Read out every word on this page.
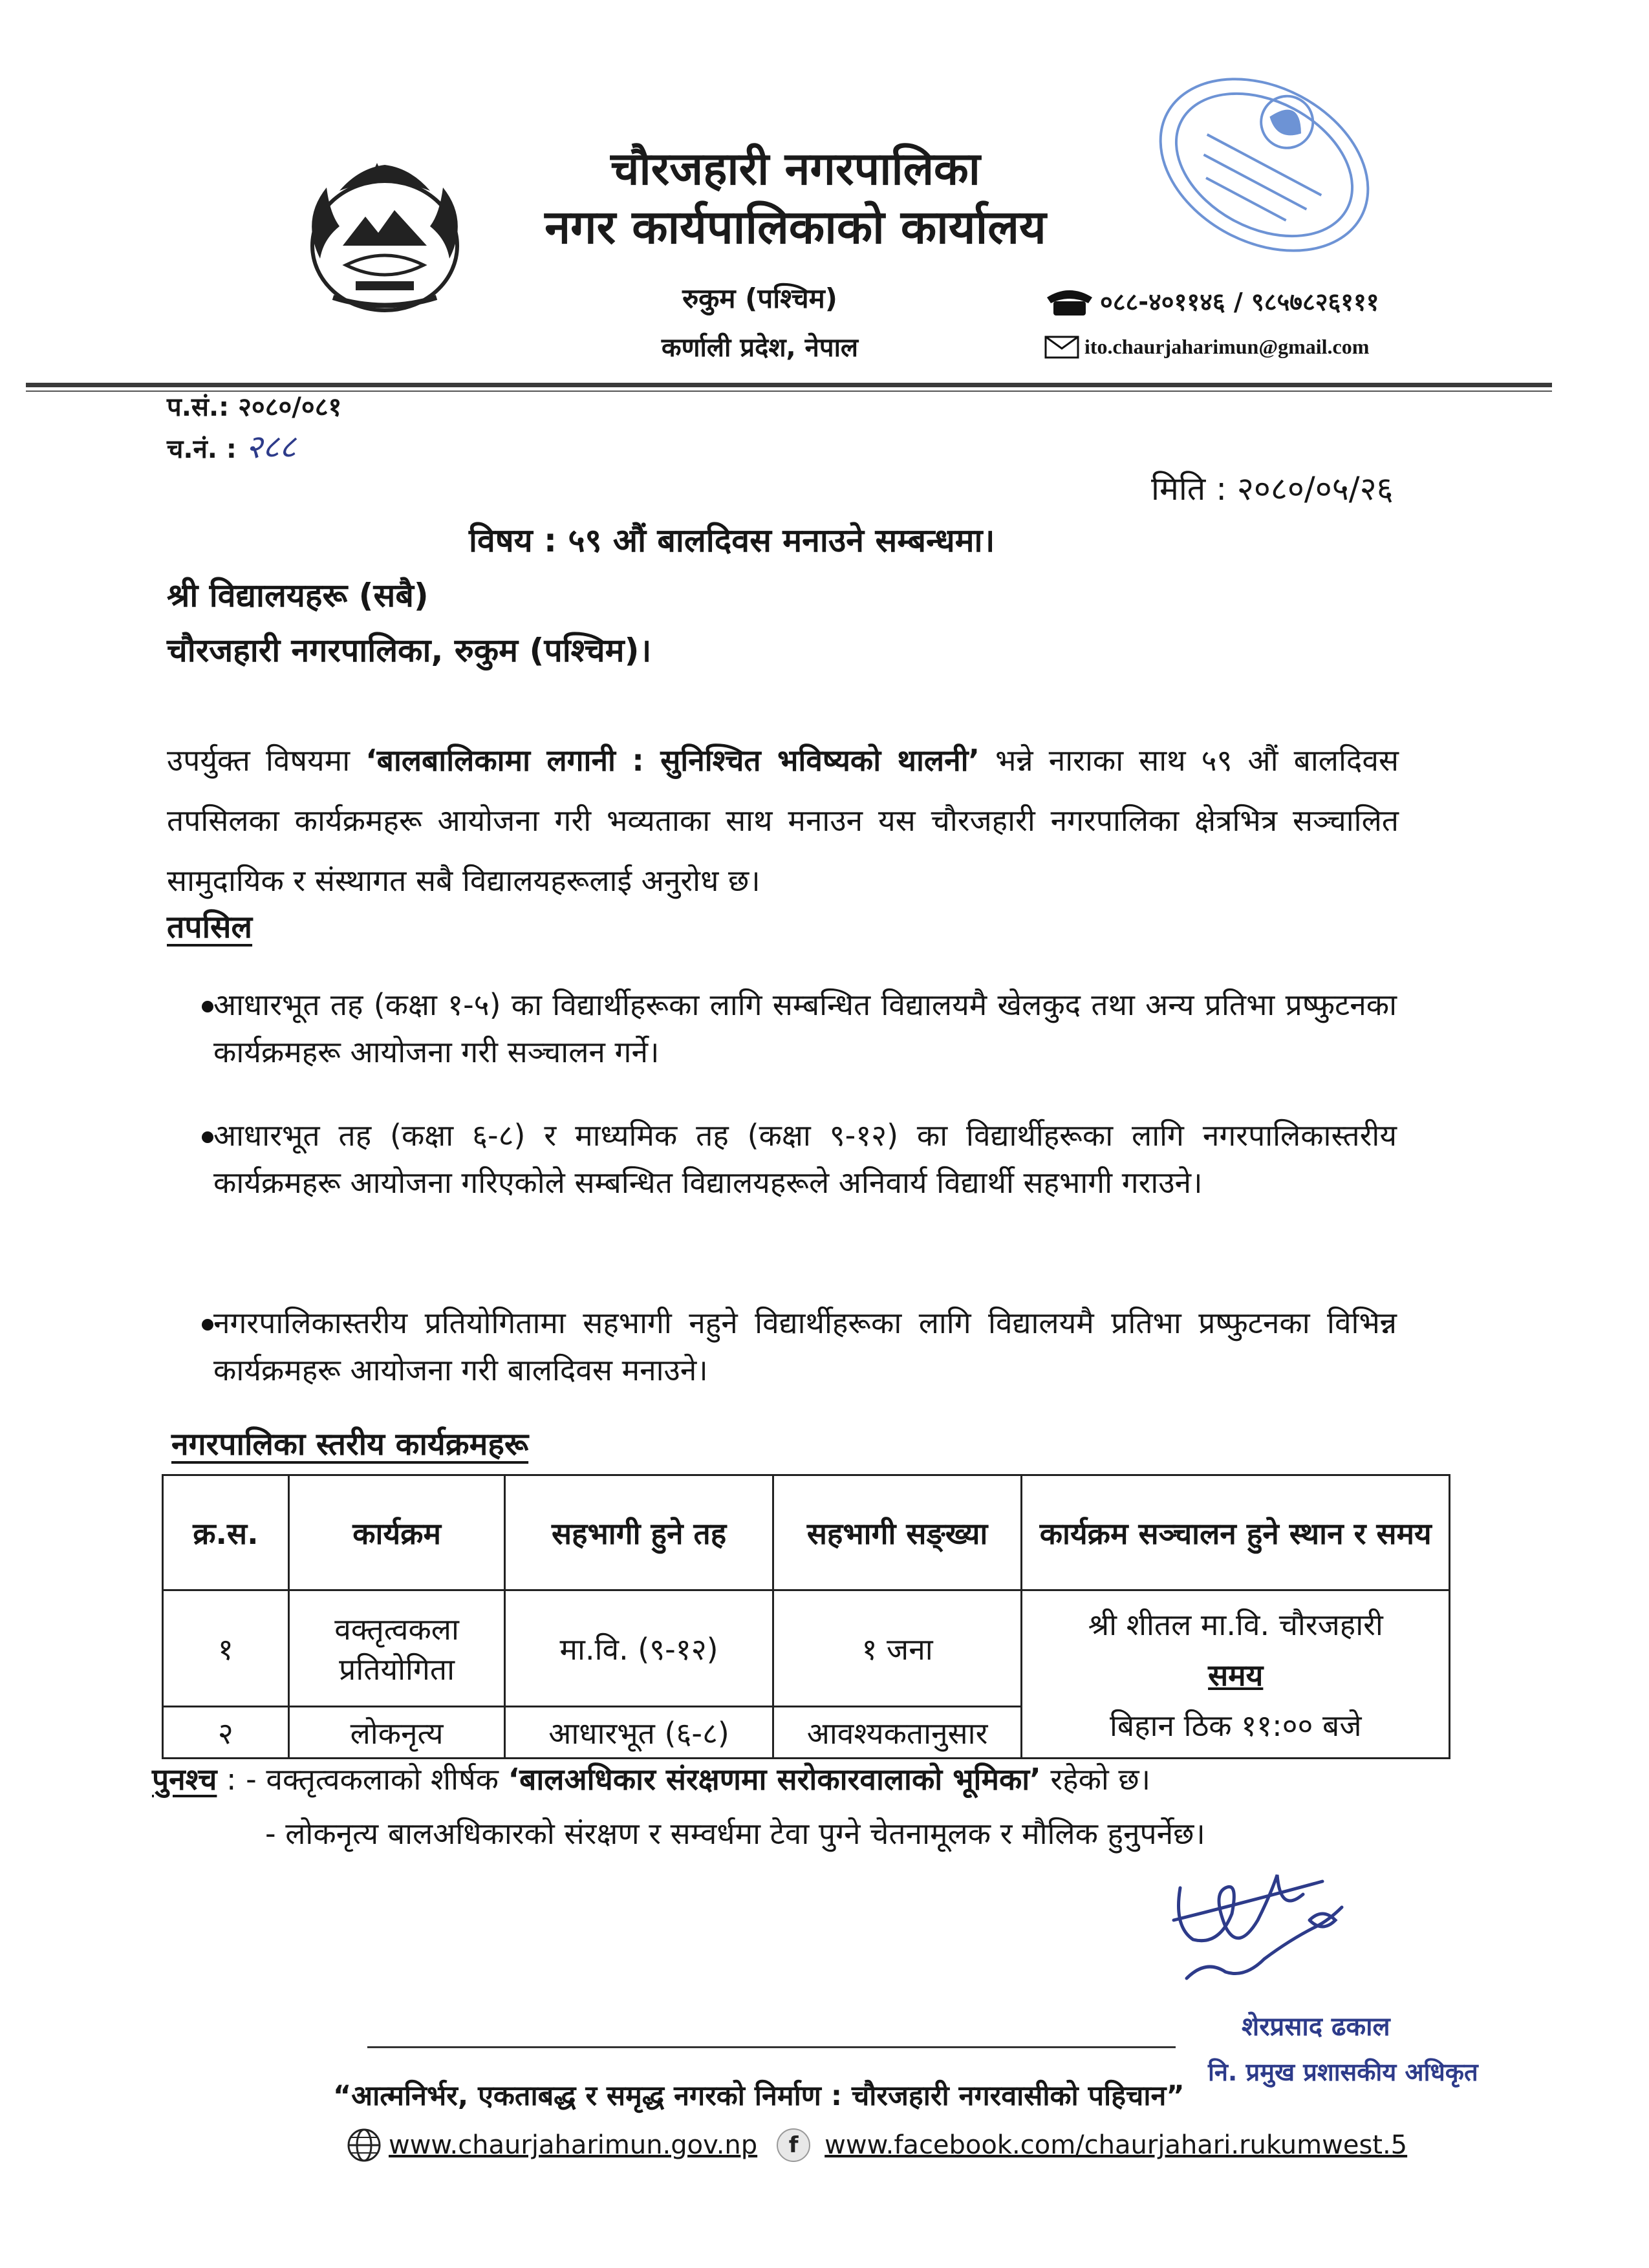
चौरजहारी नगरपालिका
नगर कार्यपालिकाको कार्यालय
रुकुम (पश्चिम)
कर्णाली प्रदेश, नेपाल
०८८-४०११४६ / ९८५७८२६१११
ito.chaurjaharimun@gmail.com
प.सं.: २०८०/०८१
च.नं. : २८८
मिति : २०८०/०५/२६
विषय : ५९ औं बालदिवस मनाउने सम्बन्धमा।
श्री विद्यालयहरू (सबै)
चौरजहारी नगरपालिका, रुकुम (पश्चिम)।
उपर्युक्त विषयमा ‘बालबालिकामा लगानी : सुनिश्चित भविष्यको थालनी’ भन्ने नाराका साथ ५९ औं बालदिवस तपसिलका कार्यक्रमहरू आयोजना गरी भव्यताका साथ मनाउन यस चौरजहारी नगरपालिका क्षेत्रभित्र सञ्चालित सामुदायिक र संस्थागत सबै विद्यालयहरूलाई अनुरोध छ।
तपसिल
आधारभूत तह (कक्षा १-५) का विद्यार्थीहरूका लागि सम्बन्धित विद्यालयमै खेलकुद तथा अन्य प्रतिभा प्रष्फुटनका कार्यक्रमहरू आयोजना गरी सञ्चालन गर्ने।
आधारभूत तह (कक्षा ६-८) र माध्यमिक तह (कक्षा ९-१२) का विद्यार्थीहरूका लागि नगरपालिकास्तरीय कार्यक्रमहरू आयोजना गरिएकोले सम्बन्धित विद्यालयहरूले अनिवार्य विद्यार्थी सहभागी गराउने।
नगरपालिकास्तरीय प्रतियोगितामा सहभागी नहुने विद्यार्थीहरूका लागि विद्यालयमै प्रतिभा प्रष्फुटनका विभिन्न कार्यक्रमहरू आयोजना गरी बालदिवस मनाउने।
नगरपालिका स्तरीय कार्यक्रमहरू
क्र.स.	कार्यक्रम	सहभागी हुने तह	सहभागी सङ्ख्या	कार्यक्रम सञ्चालन हुने स्थान र समय
१	वक्तृत्वकला प्रतियोगिता	मा.वि. (९-१२)	१ जना	श्री शीतल मा.वि. चौरजहारी
समय
बिहान ठिक ११:०० बजे

२	लोकनृत्य	आधारभूत (६-८)	आवश्यकतानुसार	
पुनश्च : - वक्तृत्वकलाको शीर्षक ‘बालअधिकार संरक्षणमा सरोकारवालाको भूमिका’ रहेको छ।
- लोकनृत्य बालअधिकारको संरक्षण र सम्वर्धमा टेवा पुग्ने चेतनामूलक र मौलिक हुनुपर्नेछ।
शेरप्रसाद ढकाल
नि. प्रमुख प्रशासकीय अधिकृत
“आत्मनिर्भर, एकताबद्ध र समृद्ध नगरको निर्माण : चौरजहारी नगरवासीको पहिचान”
www.chaurjaharimun.gov.np	f	www.facebook.com/chaurjahari.rukumwest.5
